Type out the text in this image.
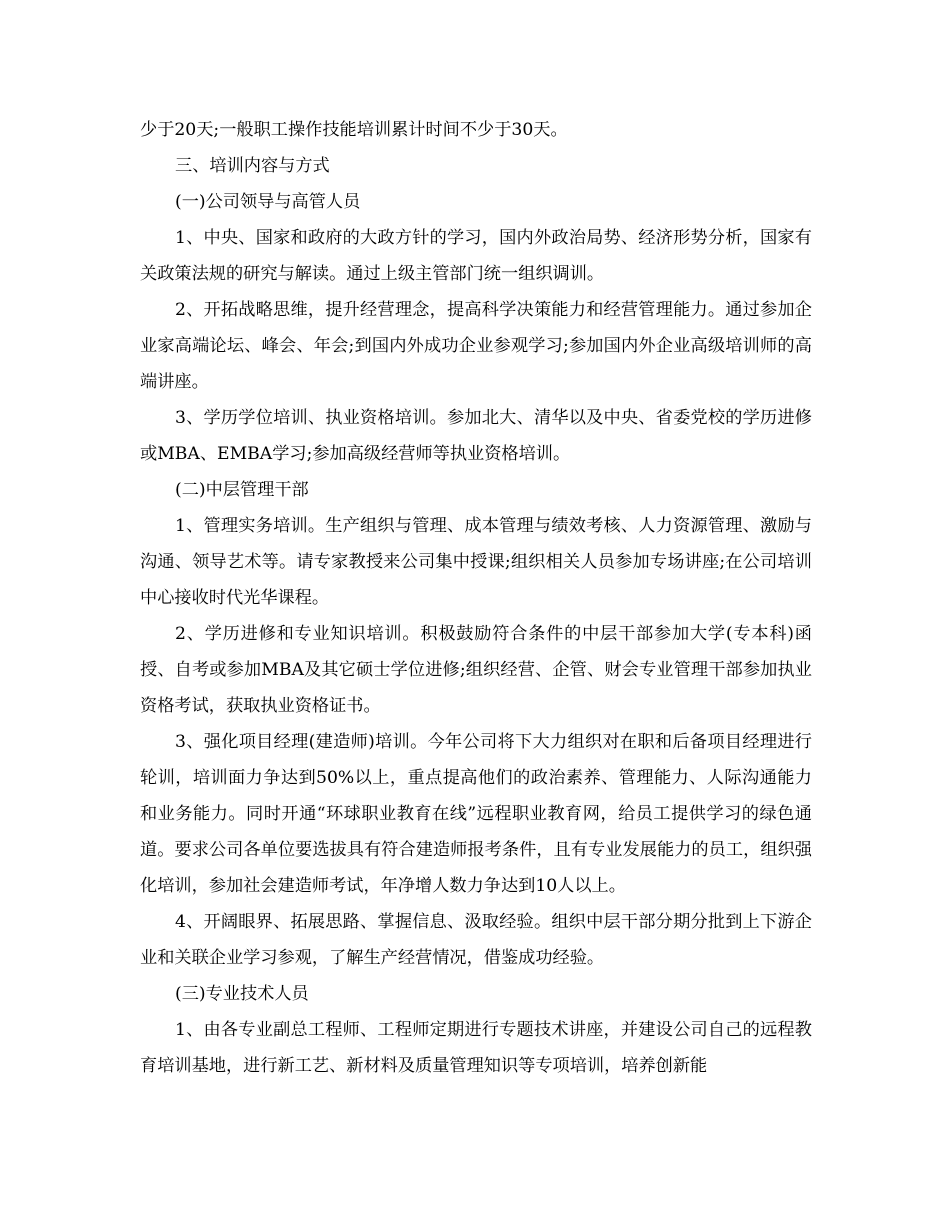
少于20天;一般职工操作技能培训累计时间不少于30天。

三、培训内容与方式

(一)公司领导与高管人员

1、中央、国家和政府的大政方针的学习，国内外政治局势、经济形势分析，国家有关政策法规的研究与解读。通过上级主管部门统一组织调训。

2、开拓战略思维，提升经营理念，提高科学决策能力和经营管理能力。通过参加企业家高端论坛、峰会、年会;到国内外成功企业参观学习;参加国内外企业高级培训师的高端讲座。

3、学历学位培训、执业资格培训。参加北大、清华以及中央、省委党校的学历进修或MBA、EMBA学习;参加高级经营师等执业资格培训。

(二)中层管理干部

1、管理实务培训。生产组织与管理、成本管理与绩效考核、人力资源管理、激励与沟通、领导艺术等。请专家教授来公司集中授课;组织相关人员参加专场讲座;在公司培训中心接收时代光华课程。

2、学历进修和专业知识培训。积极鼓励符合条件的中层干部参加大学(专本科)函授、自考或参加MBA及其它硕士学位进修;组织经营、企管、财会专业管理干部参加执业资格考试，获取执业资格证书。

3、强化项目经理(建造师)培训。今年公司将下大力组织对在职和后备项目经理进行轮训，培训面力争达到50%以上，重点提高他们的政治素养、管理能力、人际沟通能力和业务能力。同时开通“环球职业教育在线”远程职业教育网，给员工提供学习的绿色通道。要求公司各单位要选拔具有符合建造师报考条件，且有专业发展能力的员工，组织强化培训，参加社会建造师考试，年净增人数力争达到10人以上。

4、开阔眼界、拓展思路、掌握信息、汲取经验。组织中层干部分期分批到上下游企业和关联企业学习参观，了解生产经营情况，借鉴成功经验。

(三)专业技术人员

1、由各专业副总工程师、工程师定期进行专题技术讲座，并建设公司自己的远程教育培训基地，进行新工艺、新材料及质量管理知识等专项培训，培养创新能
